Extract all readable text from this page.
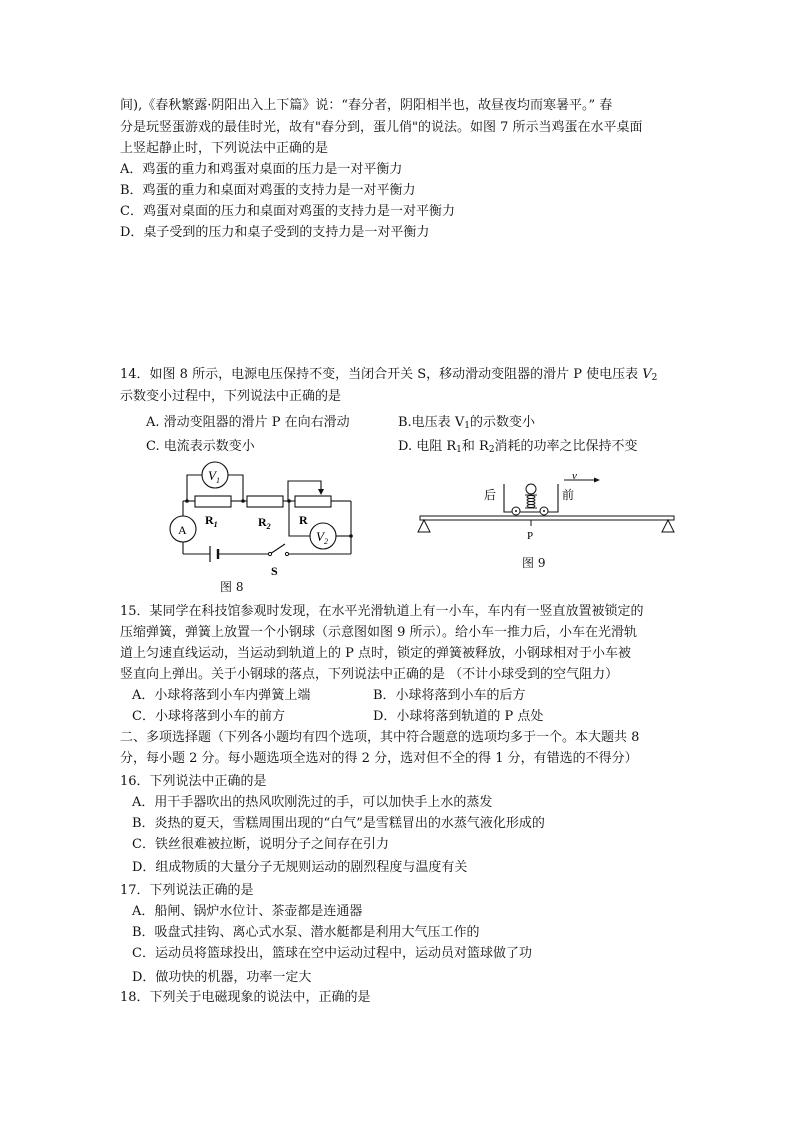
间),《春秋繁露·阴阳出入上下篇》说：“春分者，阴阳相半也，故昼夜均而寒暑平。” 春
分是玩竖蛋游戏的最佳时光，故有"春分到，蛋儿俏"的说法。如图 7 所示当鸡蛋在水平桌面
上竖起静止时，下列说法中正确的是
A．鸡蛋的重力和鸡蛋对桌面的压力是一对平衡力
B．鸡蛋的重力和桌面对鸡蛋的支持力是一对平衡力
C．鸡蛋对桌面的压力和桌面对鸡蛋的支持力是一对平衡力
D．桌子受到的压力和桌子受到的支持力是一对平衡力
14．如图 8 所示，电源电压保持不变，当闭合开关 S，移动滑动变阻器的滑片 P 使电压表 $V_2$
示数变小过程中，下列说法中正确的是
A. 滑动变阻器的滑片 P 在向右滑动	B.电压表 $V_1$的示数变小
C. 电流表示数变小	D. 电阻 $R_1$和 $R_2$消耗的功率之比保持不变
$V_1$
A	$V_2$
$R_1$	$R_2$ R
S
图 8
后	前
v
P
图 9
15．某同学在科技馆参观时发现，在水平光滑轨道上有一小车，车内有一竖直放置被锁定的
压缩弹簧，弹簧上放置一个小钢球（示意图如图 9 所示）。给小车一推力后，小车在光滑轨
道上匀速直线运动，当运动到轨道上的 P 点时，锁定的弹簧被释放，小钢球相对于小车被
竖直向上弹出。关于小钢球的落点，下列说法中正确的是 （不计小球受到的空气阻力）
A．小球将落到小车内弹簧上端	B．小球将落到小车的后方
C．小球将落到小车的前方	D．小球将落到轨道的 P 点处
二、多项选择题（下列各小题均有四个选项，其中符合题意的选项均多于一个。本大题共 8
分，每小题 2 分。每小题选项全选对的得 2 分，选对但不全的得 1 分，有错选的不得分）
16．下列说法中正确的是
A．用干手器吹出的热风吹刚洗过的手，可以加快手上水的蒸发
B．炎热的夏天，雪糕周围出现的“白气”是雪糕冒出的水蒸气液化形成的
C．铁丝很难被拉断，说明分子之间存在引力
D．组成物质的大量分子无规则运动的剧烈程度与温度有关
17．下列说法正确的是
A．船闸、锅炉水位计、茶壶都是连通器
B．吸盘式挂钩、离心式水泵、潜水艇都是利用大气压工作的
C．运动员将篮球投出，篮球在空中运动过程中，运动员对篮球做了功
D．做功快的机器，功率一定大
18．下列关于电磁现象的说法中，正确的是
